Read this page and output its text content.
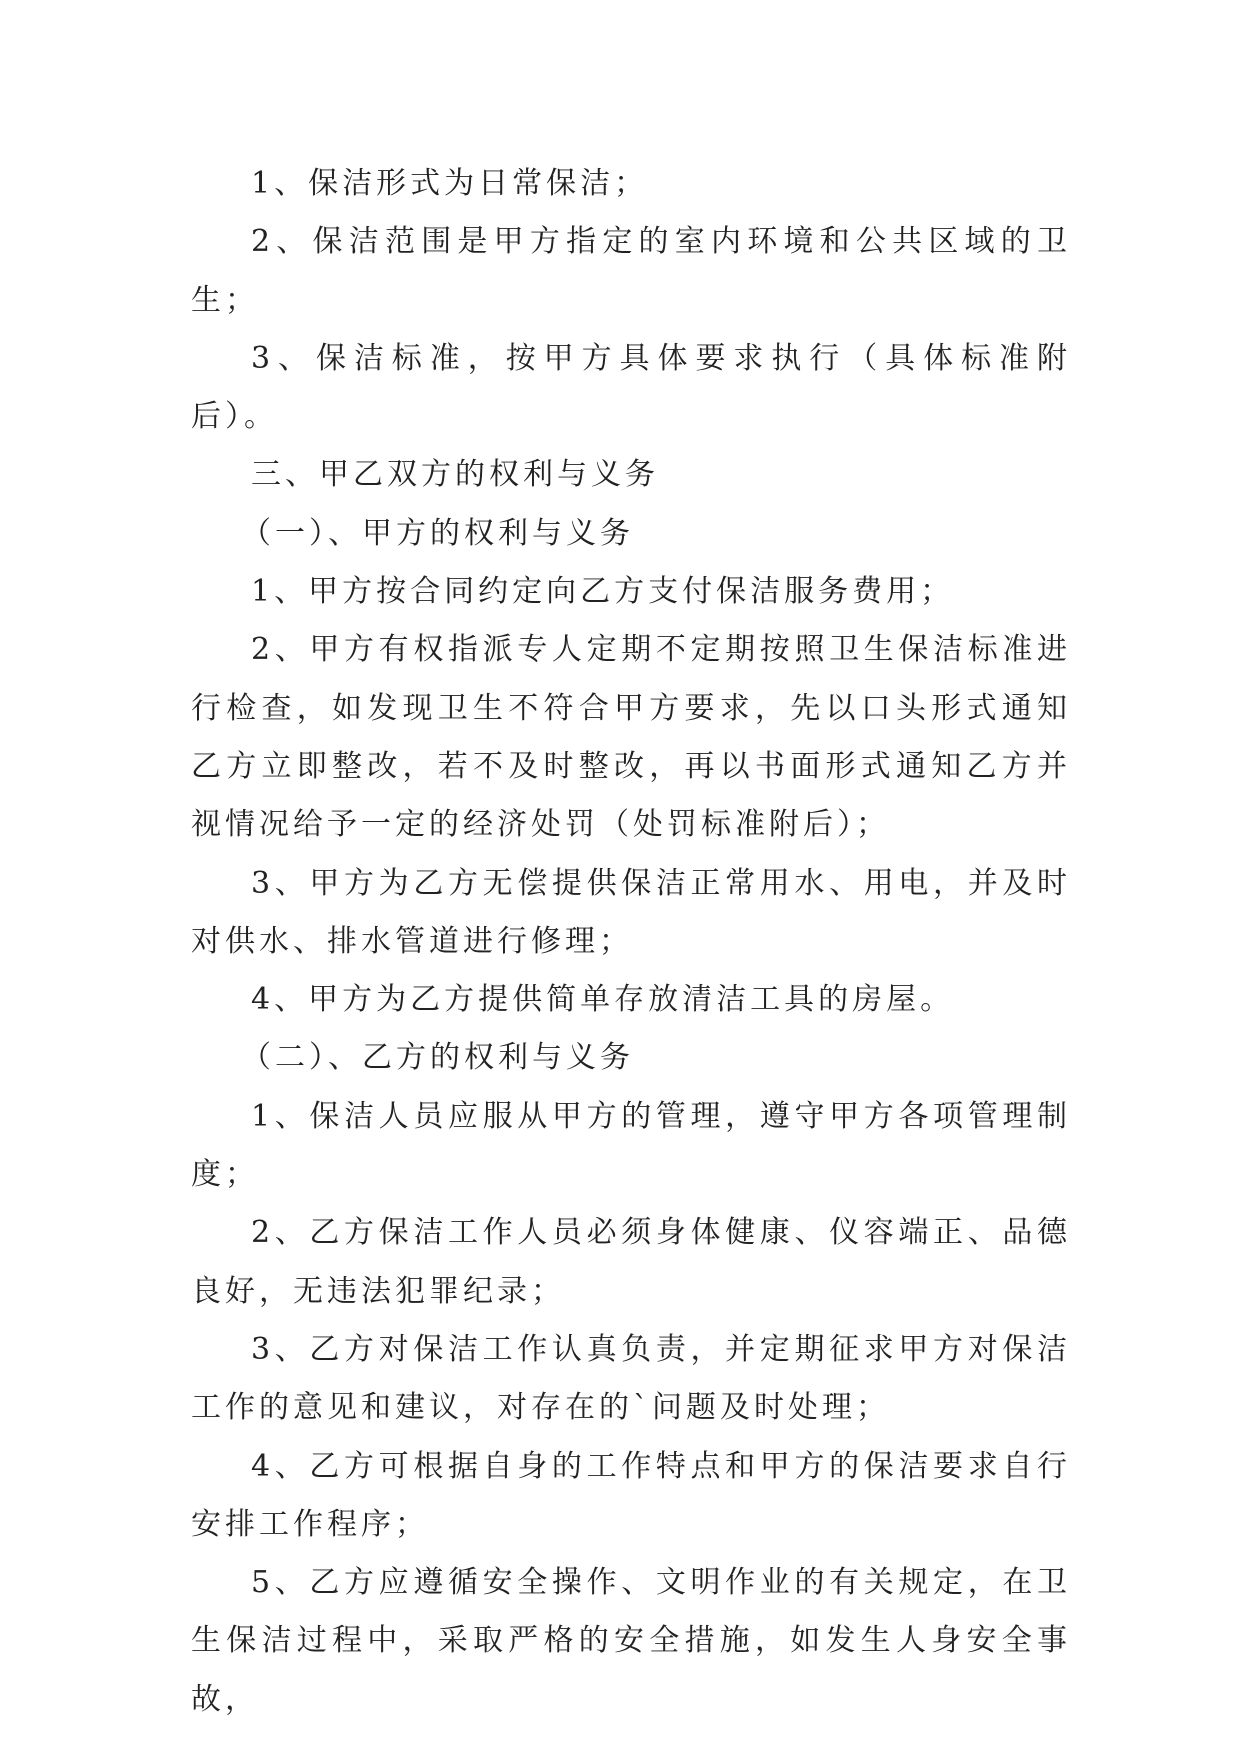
1、保洁形式为日常保洁；

2、保洁范围是甲方指定的室内环境和公共区域的卫生；

3、保洁标准，按甲方具体要求执行（具体标准附后）。

三、甲乙双方的权利与义务

（一）、甲方的权利与义务

1、甲方按合同约定向乙方支付保洁服务费用；

2、甲方有权指派专人定期不定期按照卫生保洁标准进行检查，如发现卫生不符合甲方要求，先以口头形式通知乙方立即整改，若不及时整改，再以书面形式通知乙方并视情况给予一定的经济处罚（处罚标准附后）；

3、甲方为乙方无偿提供保洁正常用水、用电，并及时对供水、排水管道进行修理；

4、甲方为乙方提供简单存放清洁工具的房屋。

（二）、乙方的权利与义务

1、保洁人员应服从甲方的管理，遵守甲方各项管理制度；

2、乙方保洁工作人员必须身体健康、仪容端正、品德良好，无违法犯罪纪录；

3、乙方对保洁工作认真负责，并定期征求甲方对保洁工作的意见和建议，对存在的`问题及时处理；

4、乙方可根据自身的工作特点和甲方的保洁要求自行安排工作程序；

5、乙方应遵循安全操作、文明作业的有关规定，在卫生保洁过程中，采取严格的安全措施，如发生人身安全事故，
